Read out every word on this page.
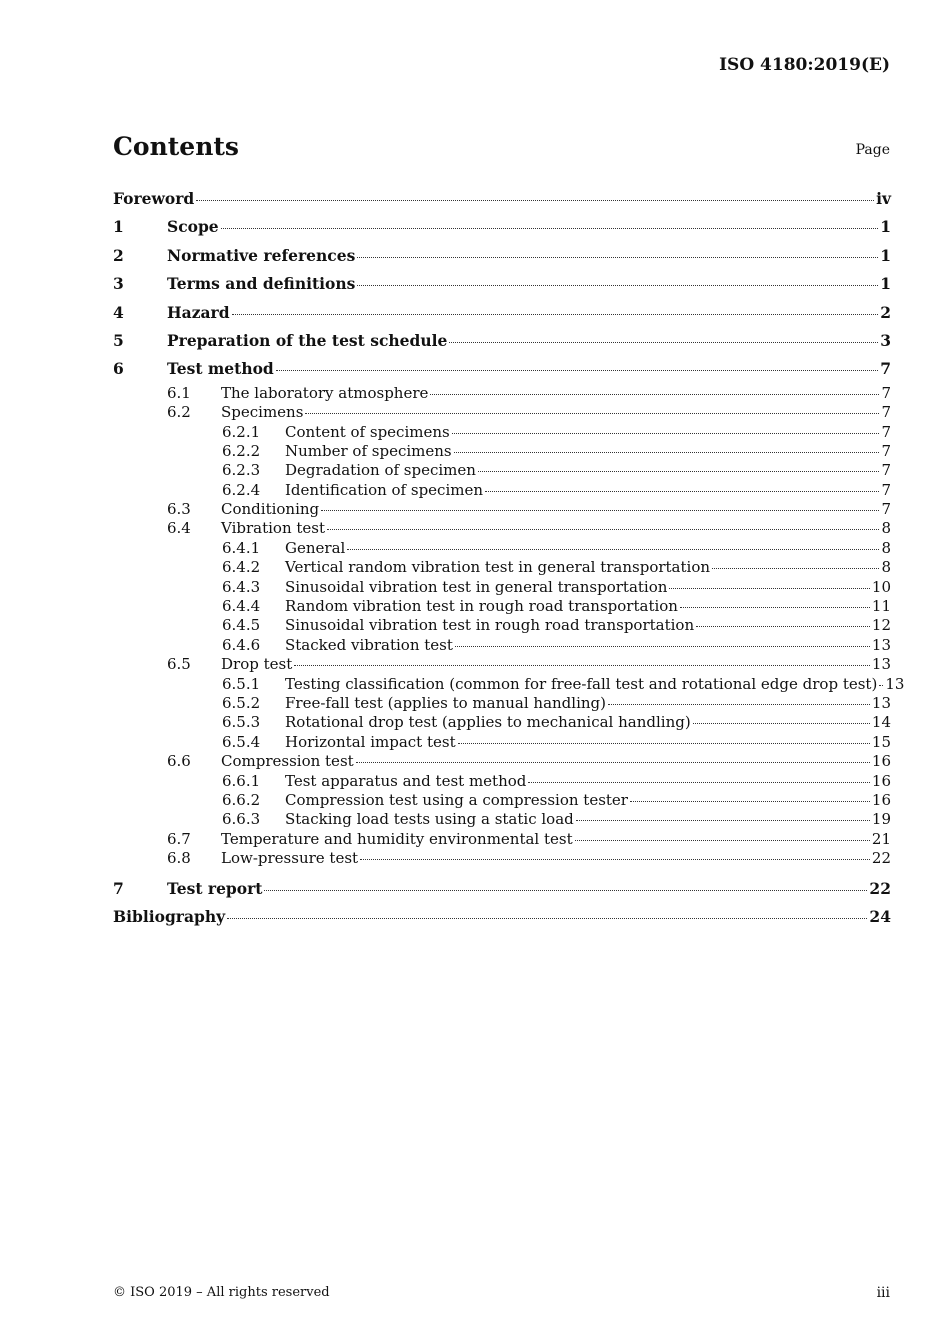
ISO 4180:2019(E)
Contents	Page
Foreword	iv
1	Scope	1
2	Normative references	1
3	Terms and definitions	1
4	Hazard	2
5	Preparation of the test schedule	3
6	Test method	7
6.1	The laboratory atmosphere	7
6.2	Specimens	7
6.2.1	Content of specimens	7
6.2.2	Number of specimens	7
6.2.3	Degradation of specimen	7
6.2.4	Identification of specimen	7
6.3	Conditioning	7
6.4	Vibration test	8
6.4.1	General	8
6.4.2	Vertical random vibration test in general transportation	8
6.4.3	Sinusoidal vibration test in general transportation	10
6.4.4	Random vibration test in rough road transportation	11
6.4.5	Sinusoidal vibration test in rough road transportation	12
6.4.6	Stacked vibration test	13
6.5	Drop test	13
6.5.1	Testing classification (common for free-fall test and rotational edge drop test) 13
6.5.2	Free-fall test (applies to manual handling)	13
6.5.3	Rotational drop test (applies to mechanical handling)	14
6.5.4	Horizontal impact test	15
6.6	Compression test	16
6.6.1	Test apparatus and test method	16
6.6.2	Compression test using a compression tester	16
6.6.3	Stacking load tests using a static load	19
6.7	Temperature and humidity environmental test	21
6.8	Low-pressure test	22
7	Test report	22
Bibliography	24
© ISO 2019 – All rights reserved	iii
